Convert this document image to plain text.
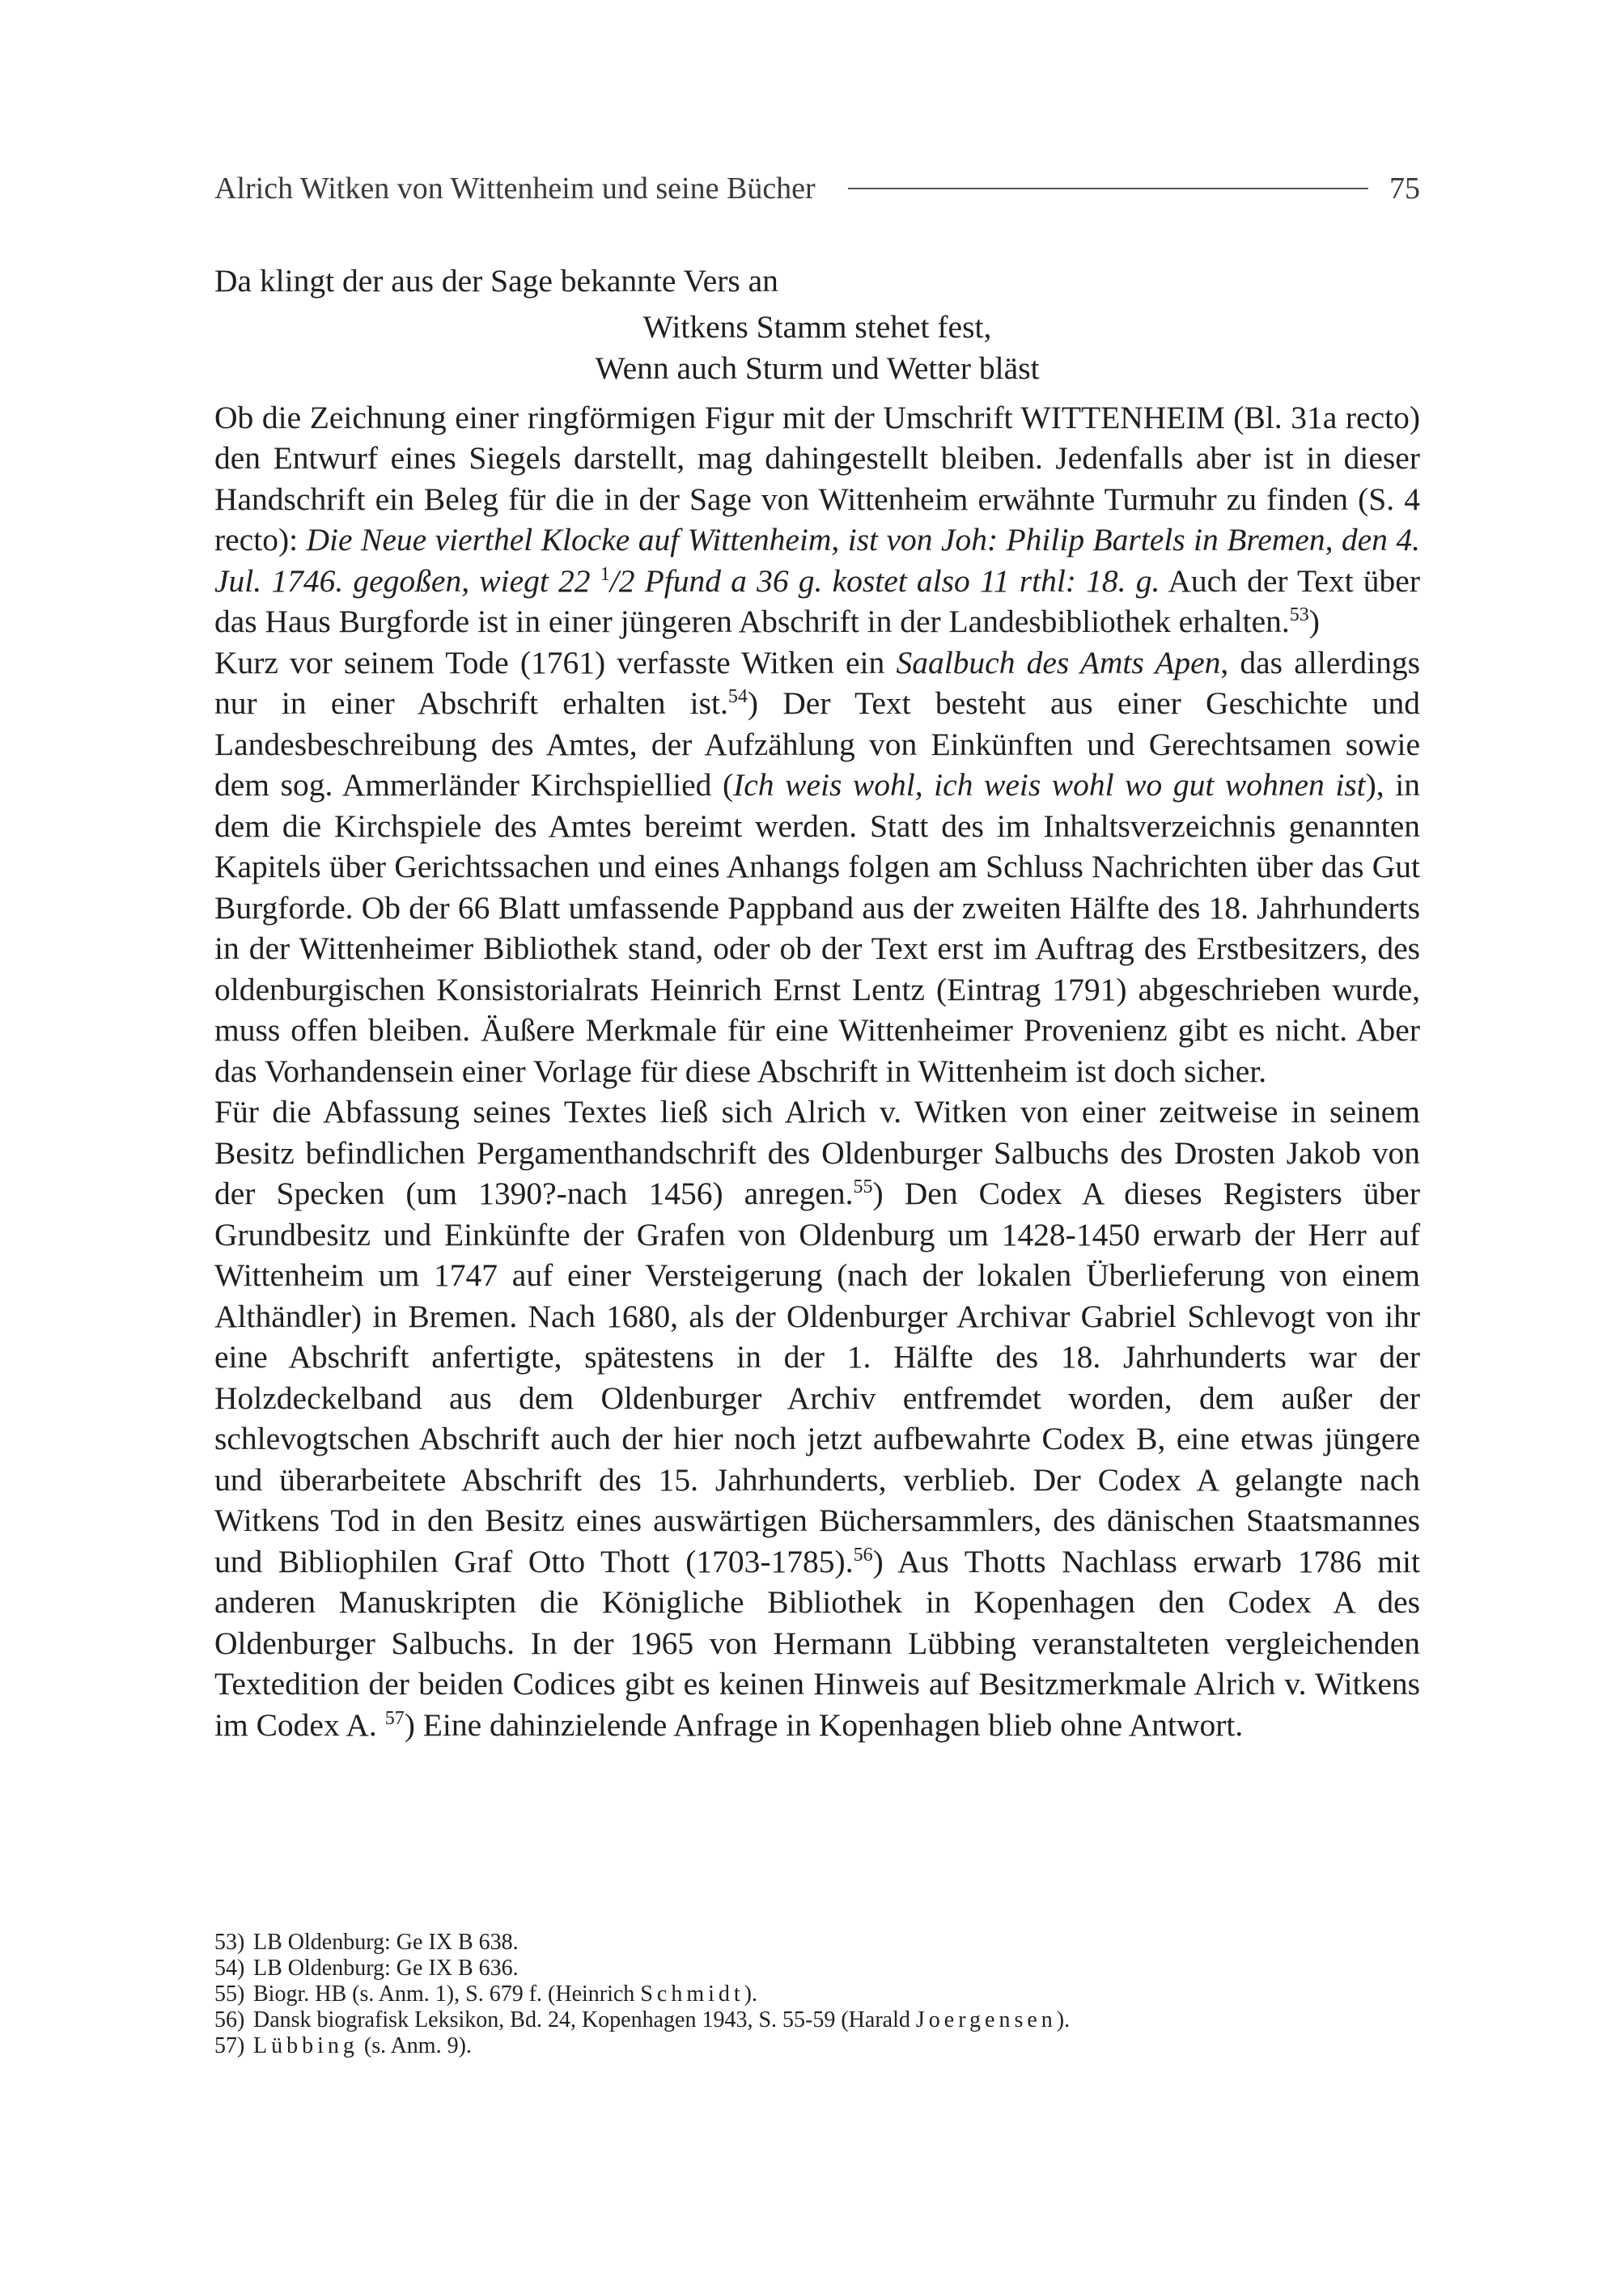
Alrich Witken von Wittenheim und seine Bücher	75

Da klingt der aus der Sage bekannte Vers an

Witkens Stamm stehet fest,
Wenn auch Sturm und Wetter bläst

Ob die Zeichnung einer ringförmigen Figur mit der Umschrift WITTENHEIM (Bl. 31a recto) den Entwurf eines Siegels darstellt, mag dahingestellt bleiben. Jedenfalls aber ist in dieser Handschrift ein Beleg für die in der Sage von Wittenheim erwähnte Turmuhr zu finden (S. 4 recto): Die Neue vierthel Klocke auf Wittenheim, ist von Joh: Philip Bartels in Bremen, den 4. Jul. 1746. gegoßen, wiegt 22 $^1$/2 Pfund a 36 g. kostet also 11 rthl: 18. g. Auch der Text über das Haus Burgforde ist in einer jüngeren Abschrift in der Landesbibliothek erhalten.$^{53}$)

Kurz vor seinem Tode (1761) verfasste Witken ein Saalbuch des Amts Apen, das allerdings nur in einer Abschrift erhalten ist.$^{54}$) Der Text besteht aus einer Geschichte und Landesbeschreibung des Amtes, der Aufzählung von Einkünften und Gerechtsamen sowie dem sog. Ammerländer Kirchspiellied (Ich weis wohl, ich weis wohl wo gut wohnen ist), in dem die Kirchspiele des Amtes bereimt werden. Statt des im Inhaltsverzeichnis genannten Kapitels über Gerichtssachen und eines Anhangs folgen am Schluss Nachrichten über das Gut Burgforde. Ob der 66 Blatt umfassende Pappband aus der zweiten Hälfte des 18. Jahrhunderts in der Wittenheimer Bibliothek stand, oder ob der Text erst im Auftrag des Erstbesitzers, des oldenburgischen Konsistorialrats Heinrich Ernst Lentz (Eintrag 1791) abgeschrieben wurde, muss offen bleiben. Äußere Merkmale für eine Wittenheimer Provenienz gibt es nicht. Aber das Vorhandensein einer Vorlage für diese Abschrift in Wittenheim ist doch sicher.

Für die Abfassung seines Textes ließ sich Alrich v. Witken von einer zeitweise in seinem Besitz befindlichen Pergamenthandschrift des Oldenburger Salbuchs des Drosten Jakob von der Specken (um 1390?-nach 1456) anregen.$^{55}$) Den Codex A dieses Registers über Grundbesitz und Einkünfte der Grafen von Oldenburg um 1428-1450 erwarb der Herr auf Wittenheim um 1747 auf einer Versteigerung (nach der lokalen Überlieferung von einem Althändler) in Bremen. Nach 1680, als der Oldenburger Archivar Gabriel Schlevogt von ihr eine Abschrift anfertigte, spätestens in der 1. Hälfte des 18. Jahrhunderts war der Holzdeckelband aus dem Oldenburger Archiv entfremdet worden, dem außer der schlevogtschen Abschrift auch der hier noch jetzt aufbewahrte Codex B, eine etwas jüngere und überarbeitete Abschrift des 15. Jahrhunderts, verblieb. Der Codex A gelangte nach Witkens Tod in den Besitz eines auswärtigen Büchersammlers, des dänischen Staatsmannes und Bibliophilen Graf Otto Thott (1703-1785).$^{56}$) Aus Thotts Nachlass erwarb 1786 mit anderen Manuskripten die Königliche Bibliothek in Kopenhagen den Codex A des Oldenburger Salbuchs. In der 1965 von Hermann Lübbing veranstalteten vergleichenden Textedition der beiden Codices gibt es keinen Hinweis auf Besitzmerkmale Alrich v. Witkens im Codex A. $^{57}$) Eine dahinzielende Anfrage in Kopenhagen blieb ohne Antwort.

53) LB Oldenburg: Ge IX B 638.
54) LB Oldenburg: Ge IX B 636.
55) Biogr. HB (s. Anm. 1), S. 679 f. (Heinrich Schmidt).
56) Dansk biografisk Leksikon, Bd. 24, Kopenhagen 1943, S. 55-59 (Harald Joergensen).
57) Lübbing (s. Anm. 9).
